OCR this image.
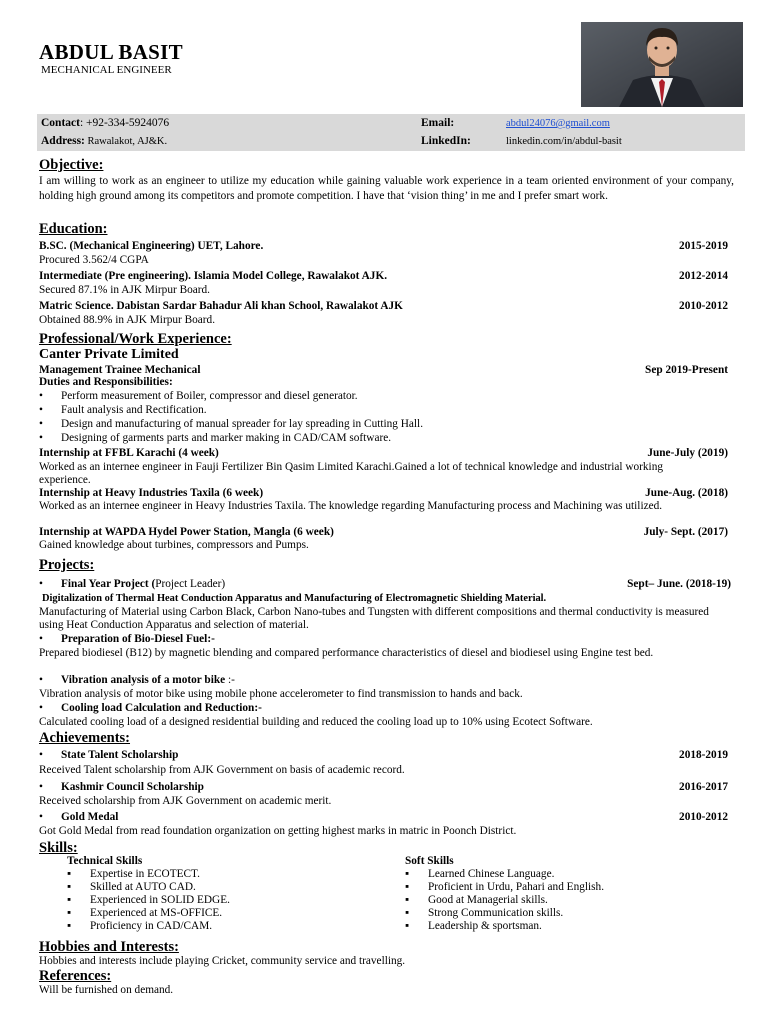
ABDUL BASIT
MECHANICAL ENGINEER
Contact: +92-334-5924076
Address: Rawalakot, AJ&K.
Email:	abdul24076@gmail.com
LinkedIn:	linkedin.com/in/abdul-basit
Objective:
I am willing to work as an engineer to utilize my education while gaining valuable work experience in a team oriented environment of your company, holding high ground among its competitors and promote competition. I have that ‘vision thing’ in me and I prefer smart work.
Education:
B.SC. (Mechanical Engineering) UET, Lahore.	2015-2019
Procured 3.562/4 CGPA
Intermediate (Pre engineering). Islamia Model College, Rawalakot AJK.	2012-2014
Secured 87.1% in AJK Mirpur Board.
Matric Science. Dabistan Sardar Bahadur Ali khan School, Rawalakot AJK	2010-2012
Obtained 88.9% in AJK Mirpur Board.
Professional/Work Experience:
Canter Private Limited
Management Trainee Mechanical	Sep 2019-Present
Duties and Responsibilities:
•	Perform measurement of Boiler, compressor and diesel generator.
•	Fault analysis and Rectification.
•	Design and manufacturing of manual spreader for lay spreading in Cutting Hall.
•	Designing of garments parts and marker making in CAD/CAM software.
Internship at FFBL Karachi (4 week)	June-July (2019)
Worked as an internee engineer in Fauji Fertilizer Bin Qasim Limited Karachi.Gained a lot of technical knowledge and industrial working experience.
Internship at Heavy Industries Taxila (6 week)	June-Aug. (2018)
Worked as an internee engineer in Heavy Industries Taxila. The knowledge regarding Manufacturing process and Machining was utilized.
Internship at WAPDA Hydel Power Station, Mangla (6 week)	July- Sept. (2017)
Gained knowledge about turbines, compressors and Pumps.
Projects:
•	Final Year Project (Project Leader)	Sept– June. (2018-19)
Digitalization of Thermal Heat Conduction Apparatus and Manufacturing of Electromagnetic Shielding Material.
Manufacturing of Material using Carbon Black, Carbon Nano-tubes and Tungsten with different compositions and thermal conductivity is measured using Heat Conduction Apparatus and selection of material.
•	Preparation of Bio-Diesel Fuel:-
Prepared biodiesel (B12) by magnetic blending and compared performance characteristics of diesel and biodiesel using Engine test bed.
•	Vibration analysis of a motor bike :-
Vibration analysis of motor bike using mobile phone accelerometer to find transmission to hands and back.
•	Cooling load Calculation and Reduction:-
Calculated cooling load of a designed residential building and reduced the cooling load up to 10% using Ecotect Software.
Achievements:
•	State Talent Scholarship	2018-2019
Received Talent scholarship from AJK Government on basis of academic record.
•	Kashmir Council Scholarship	2016-2017
Received scholarship from AJK Government on academic merit.
•	Gold Medal	2010-2012
Got Gold Medal from read foundation organization on getting highest marks in matric in Poonch District.
Skills:
Technical Skills
▪ Expertise in ECOTECT.
▪ Skilled at AUTO CAD.
▪ Experienced in SOLID EDGE.
▪ Experienced at MS-OFFICE.
▪ Proficiency in CAD/CAM.
Soft Skills
▪ Learned Chinese Language.
▪ Proficient in Urdu, Pahari and English.
▪ Good at Managerial skills.
▪ Strong Communication skills.
▪ Leadership & sportsman.
Hobbies and Interests:
Hobbies and interests include playing Cricket, community service and travelling.
References:
Will be furnished on demand.
